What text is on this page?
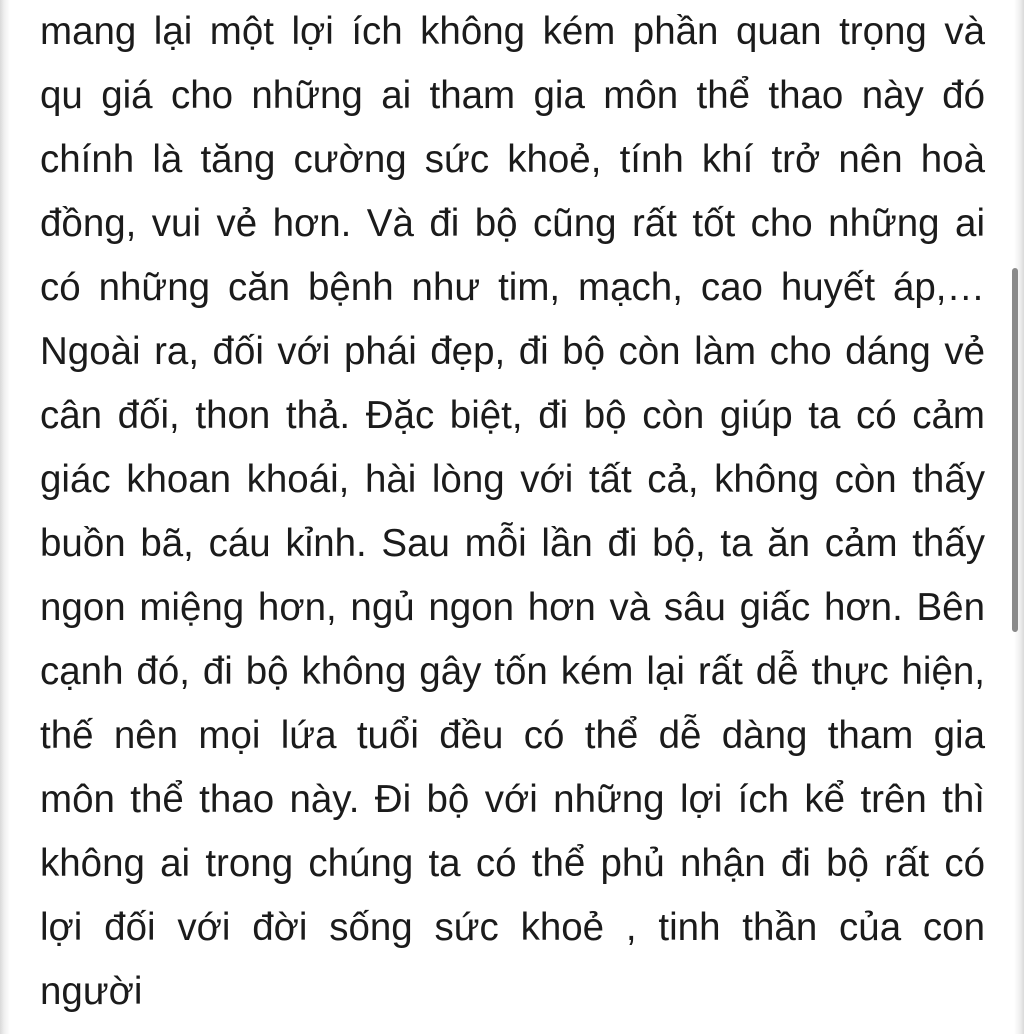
mang lại một lợi ích không kém phần quan trọng và
qu giá cho những ai tham gia môn thể thao này đó
chính là tăng cường sức khoẻ, tính khí trở nên hoà
đồng, vui vẻ hơn. Và đi bộ cũng rất tốt cho những ai
có những căn bệnh như tim, mạch, cao huyết áp,…
Ngoài ra, đối với phái đẹp, đi bộ còn làm cho dáng vẻ
cân đối, thon thả. Đặc biệt, đi bộ còn giúp ta có cảm
giác khoan khoái, hài lòng với tất cả, không còn thấy
buồn bã, cáu kỉnh. Sau mỗi lần đi bộ, ta ăn cảm thấy
ngon miệng hơn, ngủ ngon hơn và sâu giấc hơn. Bên
cạnh đó, đi bộ không gây tốn kém lại rất dễ thực hiện,
thế nên mọi lứa tuổi đều có thể dễ dàng tham gia
môn thể thao này. Đi bộ với những lợi ích kể trên thì
không ai trong chúng ta có thể phủ nhận đi bộ rất có
lợi đối với đời sống sức khoẻ , tinh thần của con
người
